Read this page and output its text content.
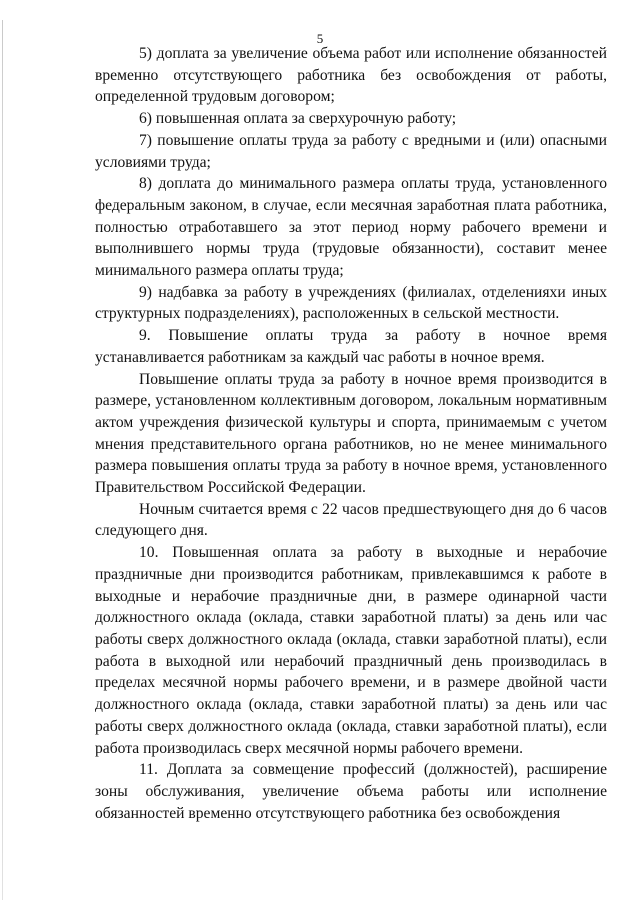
5

5) доплата за увеличение объема работ или исполнение обязанностей временно отсутствующего работника без освобождения от работы, определенной трудовым договором;

6) повышенная оплата за сверхурочную работу;

7) повышение оплаты труда за работу с вредными и (или) опасными условиями труда;

8) доплата до минимального размера оплаты труда, установленного федеральным законом, в случае, если месячная заработная плата работника, полностью отработавшего за этот период норму рабочего времени и выполнившего нормы труда (трудовые обязанности), составит менее минимального размера оплаты труда;

9) надбавка за работу в учреждениях (филиалах, отделенияхи иных структурных подразделениях), расположенных в сельской местности.

9. Повышение оплаты труда за работу в ночное время устанавливается работникам за каждый час работы в ночное время.

Повышение оплаты труда за работу в ночное время производится в размере, установленном коллективным договором, локальным нормативным актом учреждения физической культуры и спорта, принимаемым с учетом мнения представительного органа работников, но не менее минимального размера повышения оплаты труда за работу в ночное время, установленного Правительством Российской Федерации.

Ночным считается время с 22 часов предшествующего дня до 6 часов следующего дня.

10. Повышенная оплата за работу в выходные и нерабочие праздничные дни производится работникам, привлекавшимся к работе в выходные и нерабочие праздничные дни, в размере одинарной части должностного оклада (оклада, ставки заработной платы) за день или час работы сверх должностного оклада (оклада, ставки заработной платы), если работа в выходной или нерабочий праздничный день производилась в пределах месячной нормы рабочего времени, и в размере двойной части должностного оклада (оклада, ставки заработной платы) за день или час работы сверх должностного оклада (оклада, ставки заработной платы), если работа производилась сверх месячной нормы рабочего времени.

11. Доплата за совмещение профессий (должностей), расширение зоны обслуживания, увеличение объема работы или исполнение обязанностей временно отсутствующего работника без освобождения
